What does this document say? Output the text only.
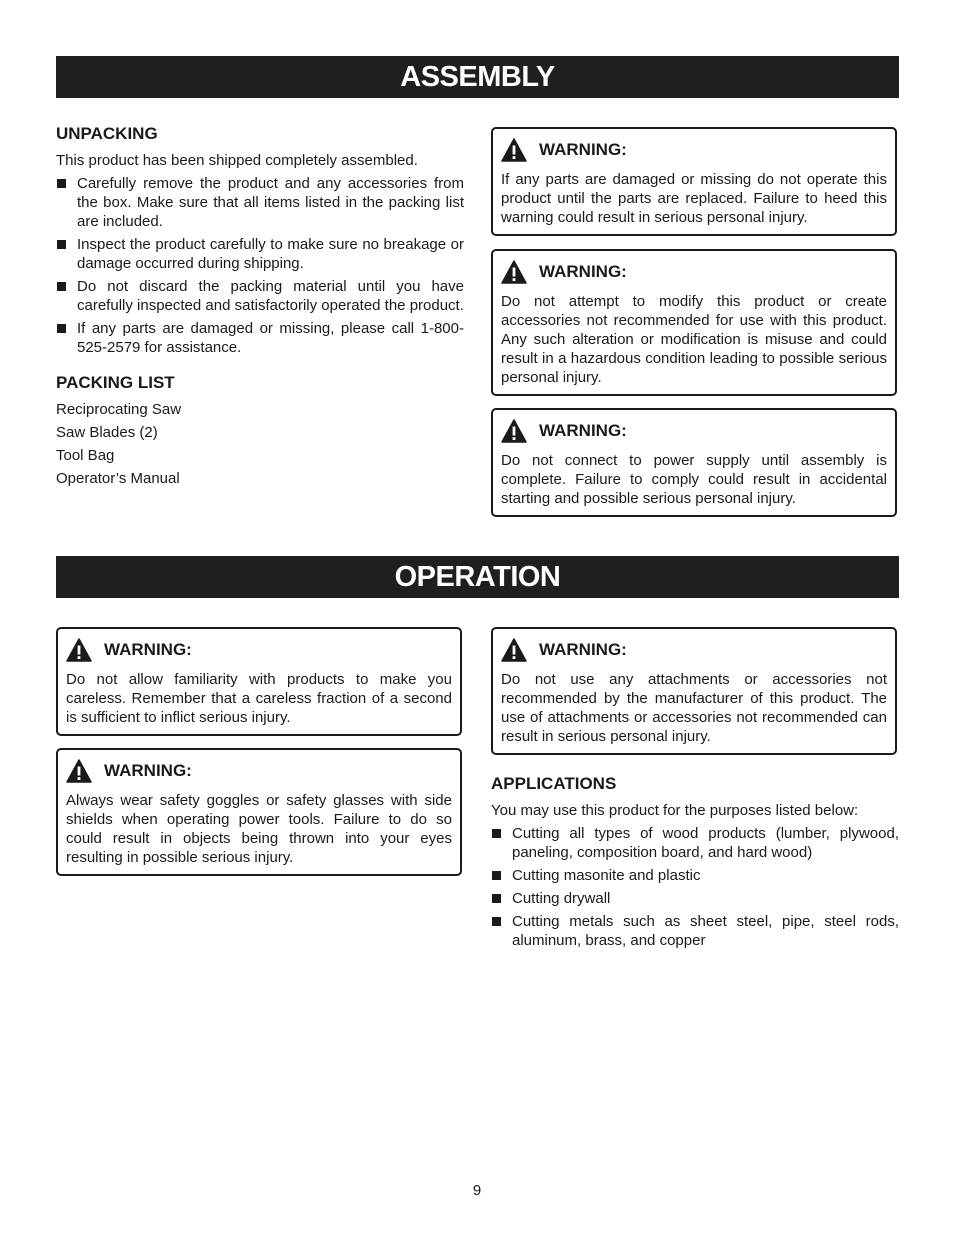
ASSEMBLY
UNPACKING

This product has been shipped completely assembled.

Carefully remove the product and any accessories from the box. Make sure that all items listed in the packing list are included.
Inspect the product carefully to make sure no breakage or damage occurred during shipping.
Do not discard the packing material until you have carefully inspected and satisfactorily operated the product.
If any parts are damaged or missing, please call 1-800-525-2579 for assistance.
PACKING LIST
Reciprocating Saw
Saw Blades (2)
Tool Bag
Operator’s Manual
WARNING:
If any parts are damaged or missing do not operate this product until the parts are replaced. Failure to heed this warning could result in serious personal injury.
WARNING:
Do not attempt to modify this product or create accessories not recommended for use with this product. Any such alteration or modification is misuse and could result in a hazardous condition leading to possible serious personal injury.
WARNING:
Do not connect to power supply until assembly is complete. Failure to comply could result in accidental starting and possible serious personal injury.
OPERATION
WARNING:
Do not allow familiarity with products to make you careless. Remember that a careless fraction of a second is sufficient to inflict serious injury.
WARNING:
Always wear safety goggles or safety glasses with side shields when operating power tools. Failure to do so could result in objects being thrown into your eyes resulting in possible serious injury.
WARNING:
Do not use any attachments or accessories not recommended by the manufacturer of this product. The use of attachments or accessories not recommended can result in serious personal injury.
APPLICATIONS

You may use this product for the purposes listed below:

Cutting all types of wood products (lumber, plywood, paneling, composition board, and hard wood)
Cutting masonite and plastic
Cutting drywall
Cutting metals such as sheet steel, pipe, steel rods, aluminum, brass, and copper
9
